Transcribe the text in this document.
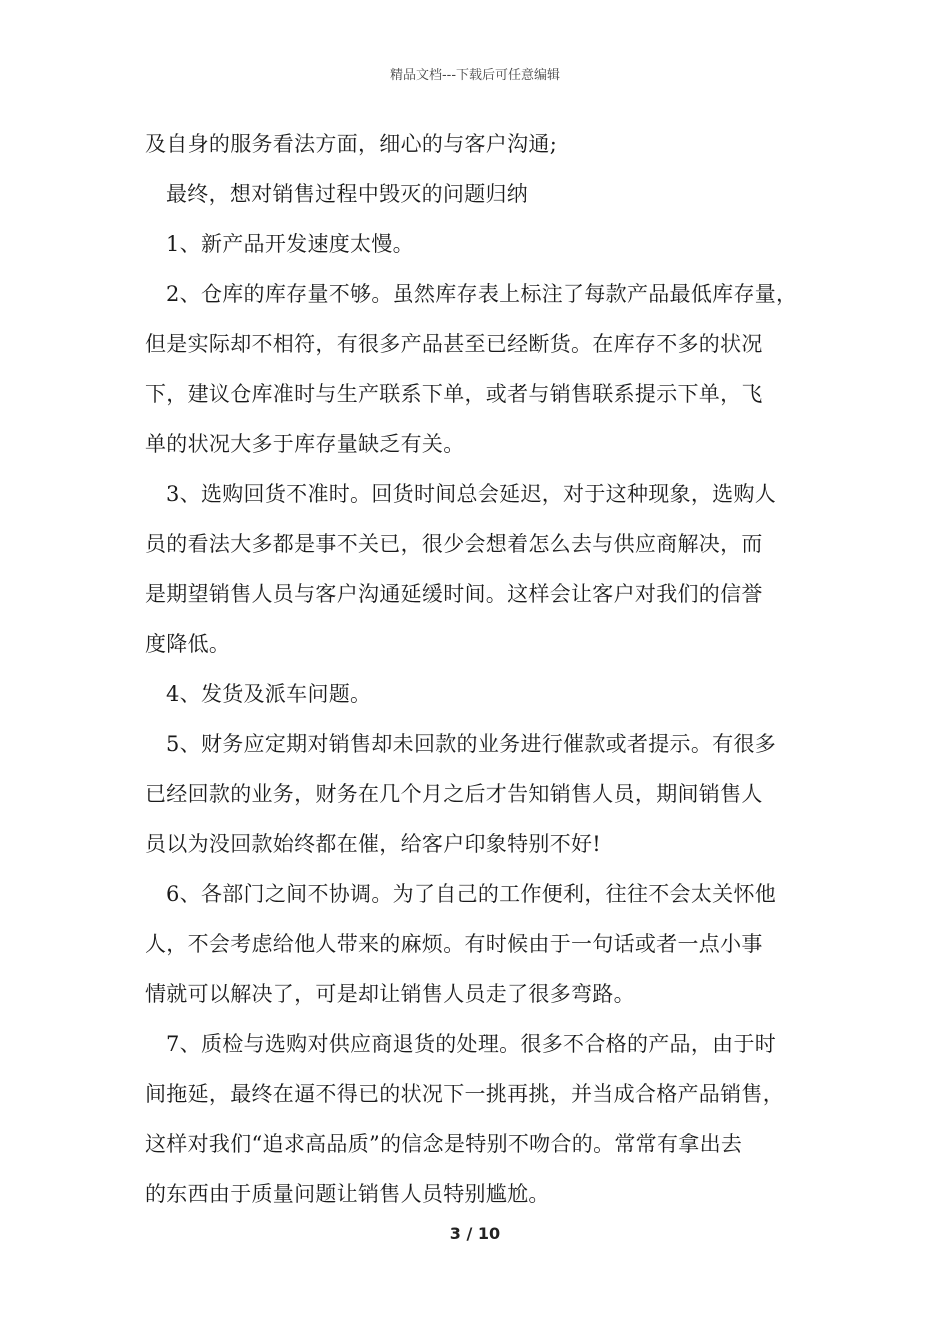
精品文档---下载后可任意编辑
及自身的服务看法方面，细心的与客户沟通;
最终，想对销售过程中毁灭的问题归纳
1、新产品开发速度太慢。
2、仓库的库存量不够。虽然库存表上标注了每款产品最低库存量，
但是实际却不相符，有很多产品甚至已经断货。在库存不多的状况
下，建议仓库准时与生产联系下单，或者与销售联系提示下单，飞
单的状况大多于库存量缺乏有关。
3、选购回货不准时。回货时间总会延迟，对于这种现象，选购人
员的看法大多都是事不关已，很少会想着怎么去与供应商解决，而
是期望销售人员与客户沟通延缓时间。这样会让客户对我们的信誉
度降低。
4、发货及派车问题。
5、财务应定期对销售却未回款的业务进行催款或者提示。有很多
已经回款的业务，财务在几个月之后才告知销售人员，期间销售人
员以为没回款始终都在催，给客户印象特别不好!
6、各部门之间不协调。为了自己的工作便利，往往不会太关怀他
人，不会考虑给他人带来的麻烦。有时候由于一句话或者一点小事
情就可以解决了，可是却让销售人员走了很多弯路。
7、质检与选购对供应商退货的处理。很多不合格的产品，由于时
间拖延，最终在逼不得已的状况下一挑再挑，并当成合格产品销售，
这样对我们“追求高品质”的信念是特别不吻合的。常常有拿出去
的东西由于质量问题让销售人员特别尴尬。
3 / 10
